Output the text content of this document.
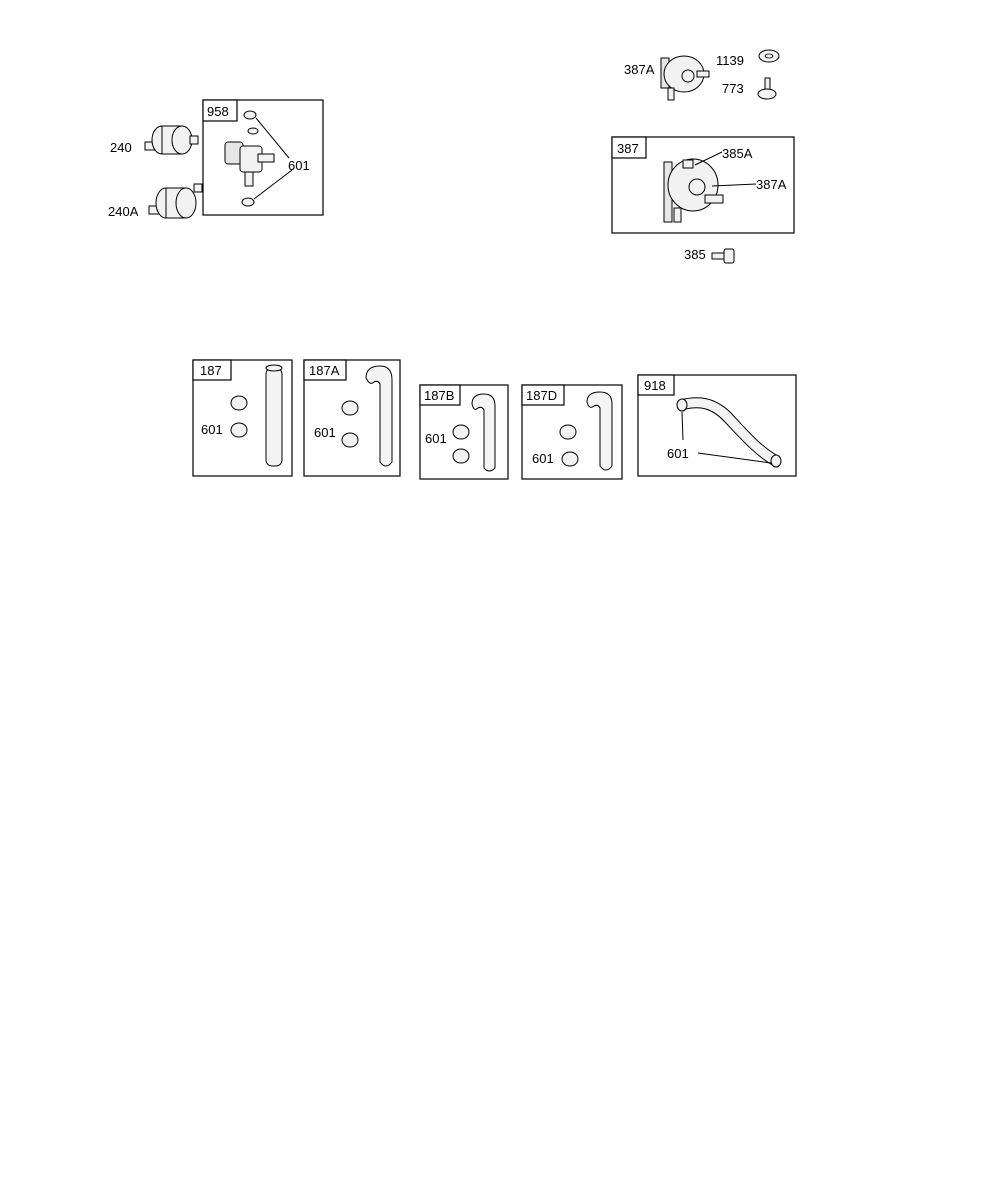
240
240A
958
601
387A
1139
773
387	385A
387A
385
187
601
187A
601
187B
601
187D
601
918
601
